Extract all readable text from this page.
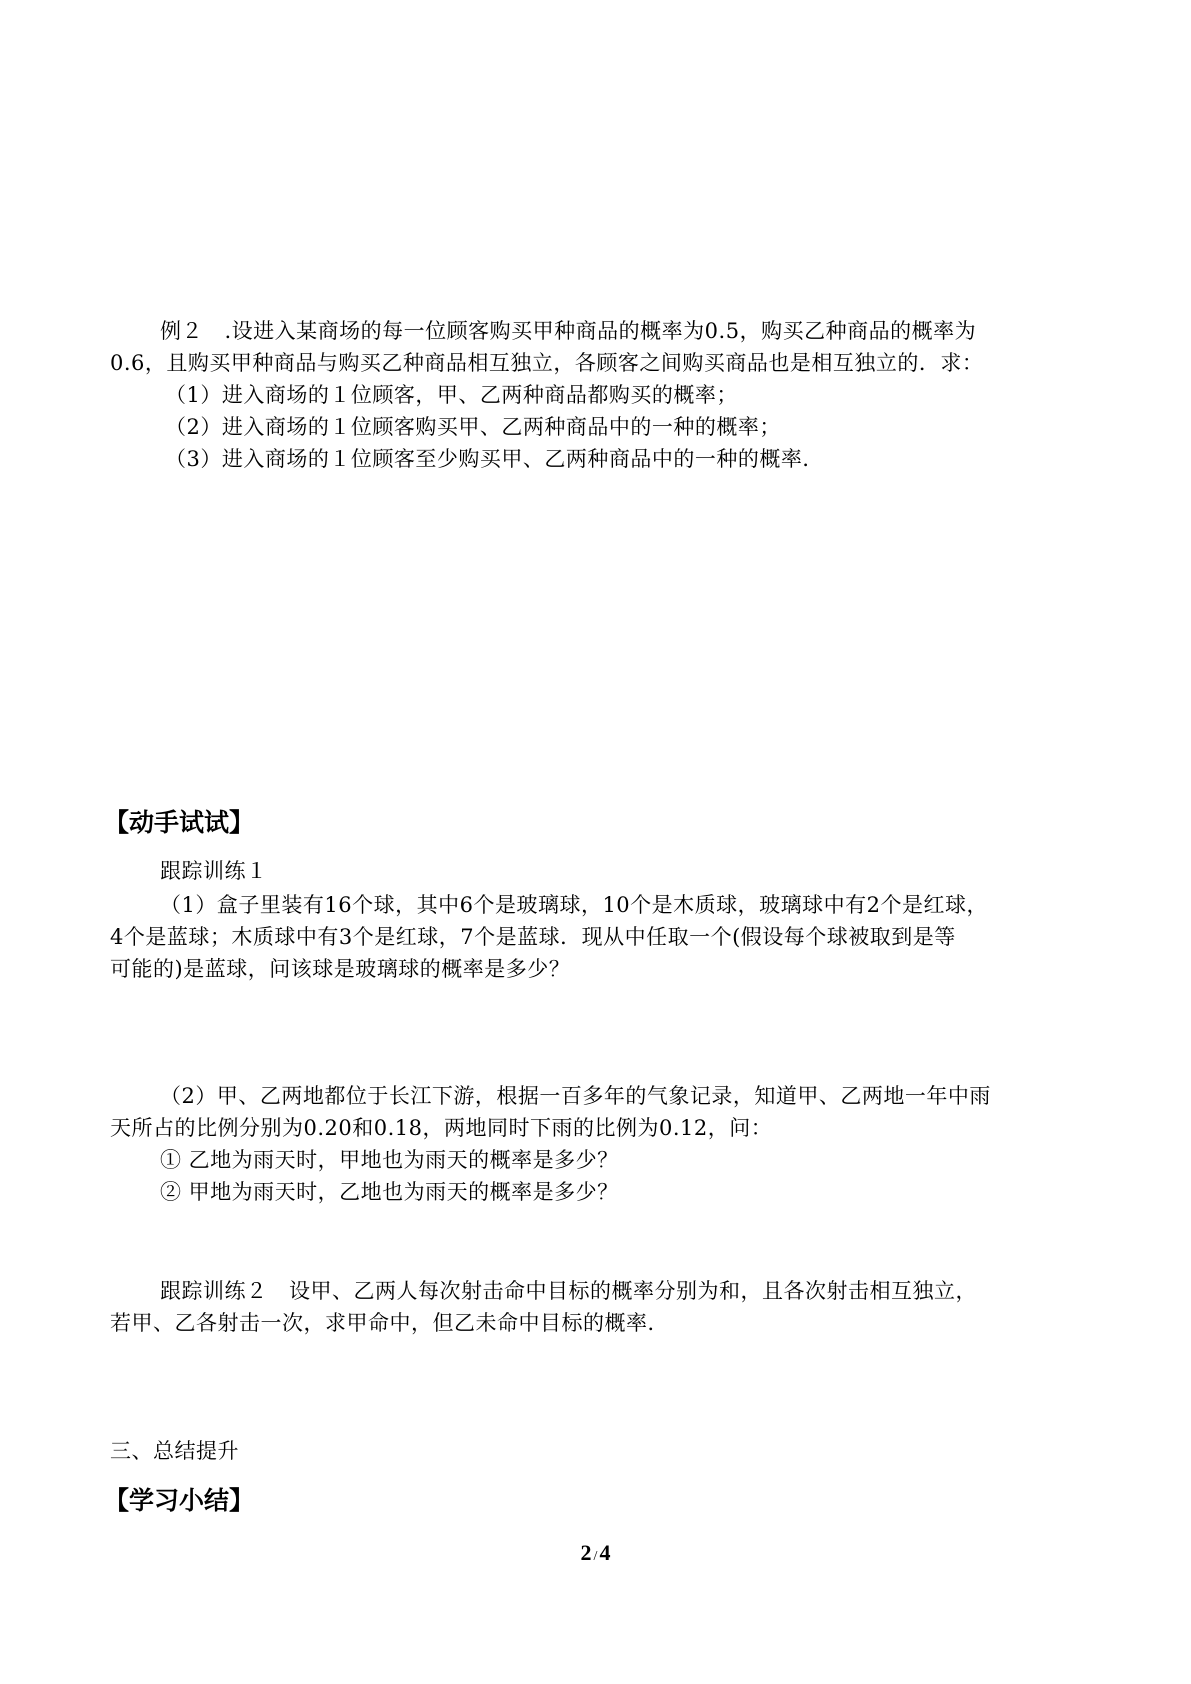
例２　.设进入某商场的每一位顾客购买甲种商品的概率为0.5，购买乙种商品的概率为
0.6，且购买甲种商品与购买乙种商品相互独立，各顾客之间购买商品也是相互独立的．求：
（1）进入商场的１位顾客，甲、乙两种商品都购买的概率；
（2）进入商场的１位顾客购买甲、乙两种商品中的一种的概率；
（3）进入商场的１位顾客至少购买甲、乙两种商品中的一种的概率．
【动手试试】
跟踪训练１
（1）盒子里装有16个球，其中6个是玻璃球，10个是木质球，玻璃球中有2个是红球，
4个是蓝球；木质球中有3个是红球，7个是蓝球．现从中任取一个(假设每个球被取到是等
可能的)是蓝球，问该球是玻璃球的概率是多少？
（2）甲、乙两地都位于长江下游，根据一百多年的气象记录，知道甲、乙两地一年中雨
天所占的比例分别为0.20和0.18，两地同时下雨的比例为0.12，问：
① 乙地为雨天时，甲地也为雨天的概率是多少？
② 甲地为雨天时，乙地也为雨天的概率是多少？
跟踪训练２　设甲、乙两人每次射击命中目标的概率分别为和，且各次射击相互独立，
若甲、乙各射击一次，求甲命中，但乙未命中目标的概率．
三、总结提升
【学习小结】
2 /4
